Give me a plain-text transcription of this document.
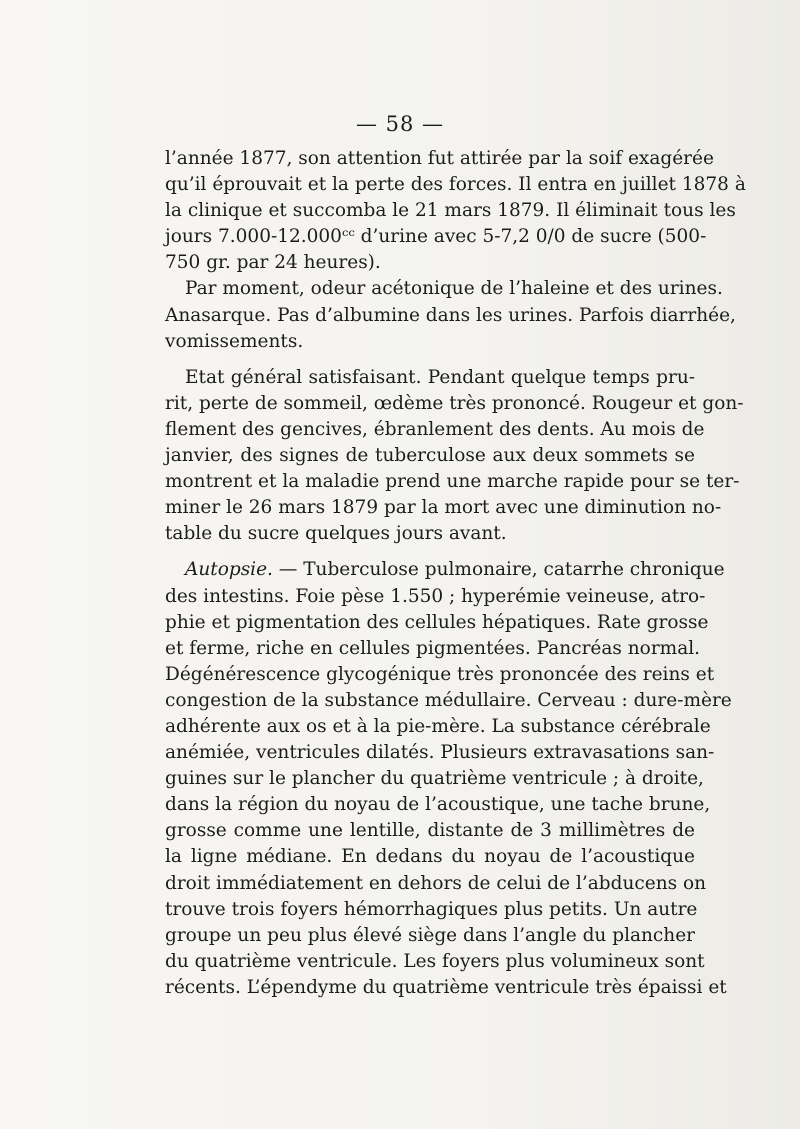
— 58 —

l’année 1877, son attention fut attirée par la soif exagérée
qu’il éprouvait et la perte des forces. Il entra en juillet 1878 à
la clinique et succomba le 21 mars 1879. Il éliminait tous les
jours 7.000-12.000ᶜᶜ d’urine avec 5-7,2 0/0 de sucre (500-
750 gr. par 24 heures).

Par moment, odeur acétonique de l’haleine et des urines.
Anasarque. Pas d’albumine dans les urines. Parfois diarrhée,
vomissements.

Etat général satisfaisant. Pendant quelque temps pru-
rit, perte de sommeil, œdème très prononcé. Rougeur et gon-
flement des gencives, ébranlement des dents. Au mois de
janvier, des signes de tuberculose aux deux sommets se
montrent et la maladie prend une marche rapide pour se ter-
miner le 26 mars 1879 par la mort avec une diminution no-
table du sucre quelques jours avant.

Autopsie. — Tuberculose pulmonaire, catarrhe chronique
des intestins. Foie pèse 1.550 ; hyperémie veineuse, atro-
phie et pigmentation des cellules hépatiques. Rate grosse
et ferme, riche en cellules pigmentées. Pancréas normal.
Dégénérescence glycogénique très prononcée des reins et
congestion de la substance médullaire. Cerveau : dure-mère
adhérente aux os et à la pie-mère. La substance cérébrale
anémiée, ventricules dilatés. Plusieurs extravasations san-
guines sur le plancher du quatrième ventricule ; à droite,
dans la région du noyau de l’acoustique, une tache brune,
grosse comme une lentille, distante de 3 millimètres de
la ligne médiane. En dedans du noyau de l’acoustique
droit immédiatement en dehors de celui de l’abducens on
trouve trois foyers hémorrhagiques plus petits. Un autre
groupe un peu plus élevé siège dans l’angle du plancher
du quatrième ventricule. Les foyers plus volumineux sont
récents. L’épendyme du quatrième ventricule très épaissi et
